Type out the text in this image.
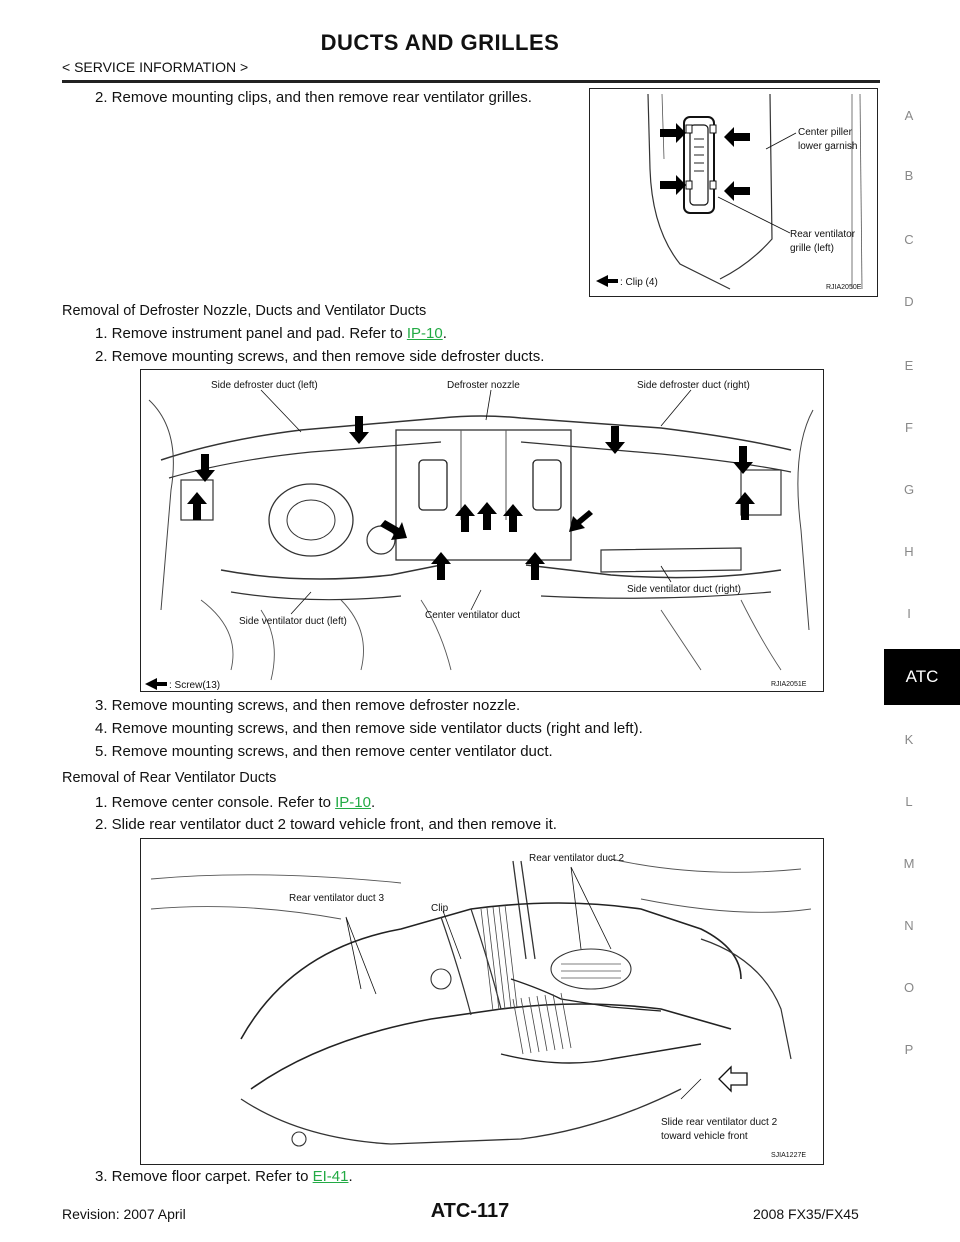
DUCTS AND GRILLES
< SERVICE INFORMATION >
A
B
C
D
E
F
G
H
I
ATC
K
L
M
N
O
P
2. Remove mounting clips, and then remove rear ventilator grilles.
Center piller
lower garnish
Rear ventilator
grille (left)
: Clip (4)	RJIA2050E
Removal of Defroster Nozzle, Ducts and Ventilator Ducts
1. Remove instrument panel and pad. Refer to IP-10.
2. Remove mounting screws, and then remove side defroster ducts.
Side defroster duct (left)	Defroster nozzle	Side defroster duct (right)
Side ventilator duct (right)
Side ventilator duct (left)
Center ventilator duct
: Screw(13)	RJIA2051E
3. Remove mounting screws, and then remove defroster nozzle.
4. Remove mounting screws, and then remove side ventilator ducts (right and left).
5. Remove mounting screws, and then remove center ventilator duct.
Removal of Rear Ventilator Ducts
1. Remove center console. Refer to IP-10.
2. Slide rear ventilator duct 2 toward vehicle front, and then remove it.
Rear ventilator duct 2
Rear ventilator duct 3
Clip
Slide rear ventilator duct 2
toward vehicle front
SJIA1227E
3. Remove floor carpet. Refer to EI-41.
Revision: 2007 April	ATC-117	2008 FX35/FX45
